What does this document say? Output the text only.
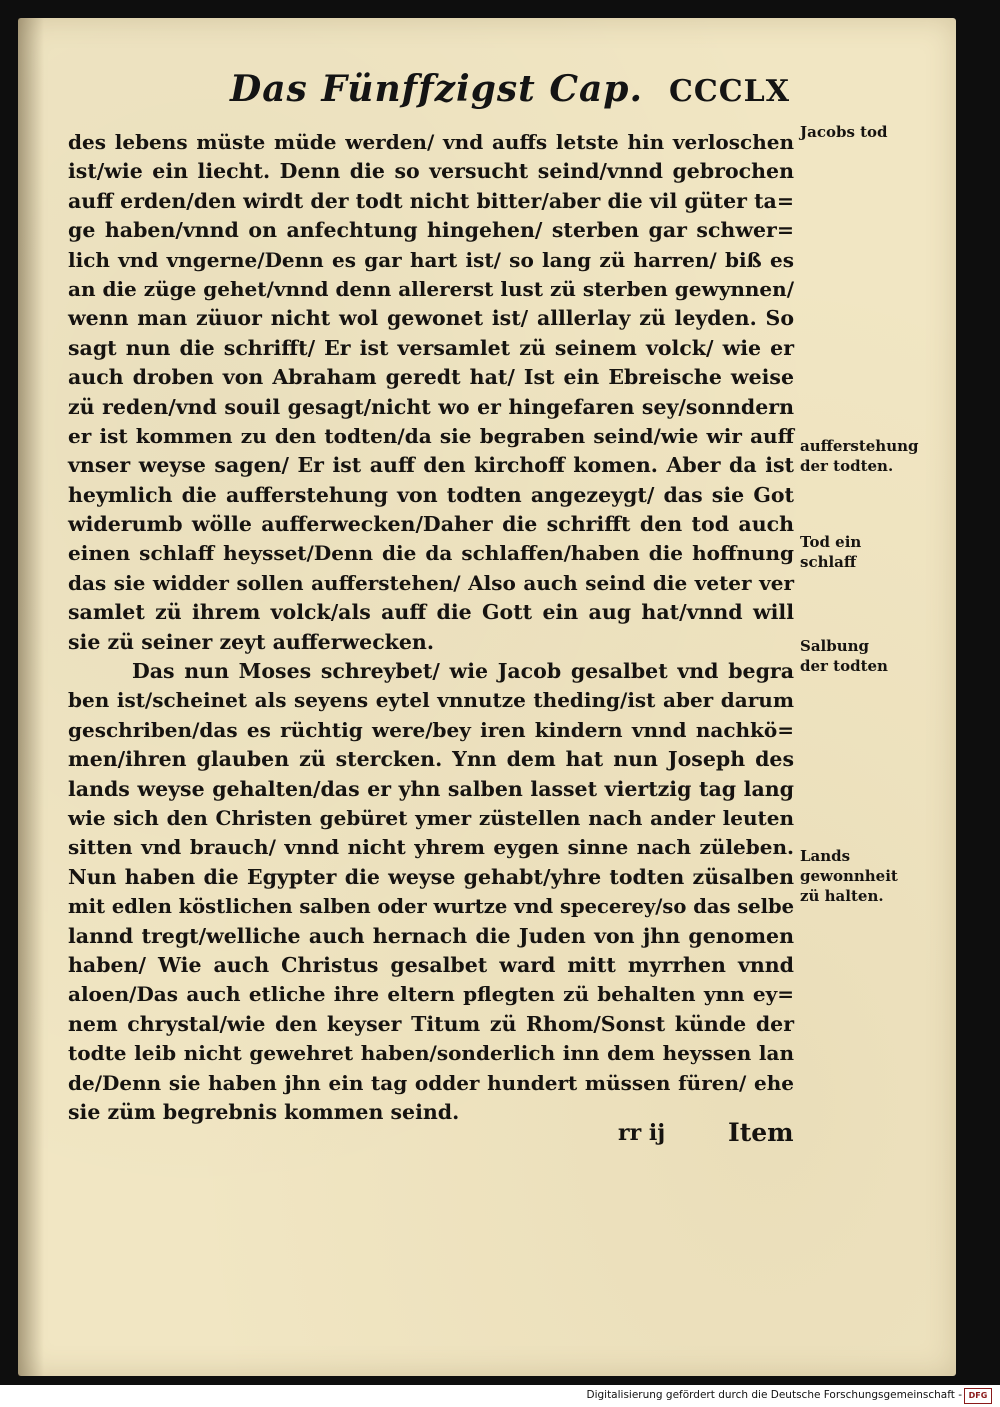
Das Fünffzigst Cap. CCCLX
des lebens müste müde werden/ vnd auffs letste hin verloschen
ist/wie ein liecht. Denn die so versucht seind/vnnd gebrochen
auff erden/den wirdt der todt nicht bitter/aber die vil güter ta=
ge haben/vnnd on anfechtung hingehen/ sterben gar schwer=
lich vnd vngerne/Denn es gar hart ist/ so lang zü harren/ biß es
an die züge gehet/vnnd denn allererst lust zü sterben gewynnen/
wenn man züuor nicht wol gewonet ist/ alllerlay zü leyden. So
sagt nun die schrifft/ Er ist versamlet zü seinem volck/ wie er
auch droben von Abraham geredt hat/ Ist ein Ebreische weise
zü reden/vnd souil gesagt/nicht wo er hingefaren sey/sonndern
er ist kommen zu den todten/da sie begraben seind/wie wir auff
vnser weyse sagen/ Er ist auff den kirchoff komen. Aber da ist
heymlich die aufferstehung von todten angezeygt/ das sie Got
widerumb wölle aufferwecken/Daher die schrifft den tod auch
einen schlaff heysset/Denn die da schlaffen/haben die hoffnung
das sie widder sollen aufferstehen/ Also auch seind die veter ver
samlet zü ihrem volck/als auff die Gott ein aug hat/vnnd will
sie zü seiner zeyt aufferwecken.
Das nun Moses schreybet/ wie Jacob gesalbet vnd begra
ben ist/scheinet als seyens eytel vnnutze theding/ist aber darum
geschriben/das es rüchtig were/bey iren kindern vnnd nachkö=
men/ihren glauben zü stercken. Ynn dem hat nun Joseph des
lands weyse gehalten/das er yhn salben lasset viertzig tag lang
wie sich den Christen gebüret ymer züstellen nach ander leuten
sitten vnd brauch/ vnnd nicht yhrem eygen sinne nach züleben.
Nun haben die Egypter die weyse gehabt/yhre todten züsalben
mit edlen köstlichen salben oder wurtze vnd specerey/so das selbe
lannd tregt/welliche auch hernach die Juden von jhn genomen
haben/ Wie auch Christus gesalbet ward mitt myrrhen vnnd
aloen/Das auch etliche ihre eltern pflegten zü behalten ynn ey=
nem chrystal/wie den keyser Titum zü Rhom/Sonst künde der
todte leib nicht gewehret haben/sonderlich inn dem heyssen lan
de/Denn sie haben jhn ein tag odder hundert müssen füren/ ehe
sie züm begrebnis kommen seind.
Jacobs tod
aufferstehung der todten.
Tod ein schlaff
Salbung der todten
Lands gewonnheit zü halten.
rr ij	Item
Digitalisierung gefördert durch die Deutsche Forschungsgemeinschaft - DFG
